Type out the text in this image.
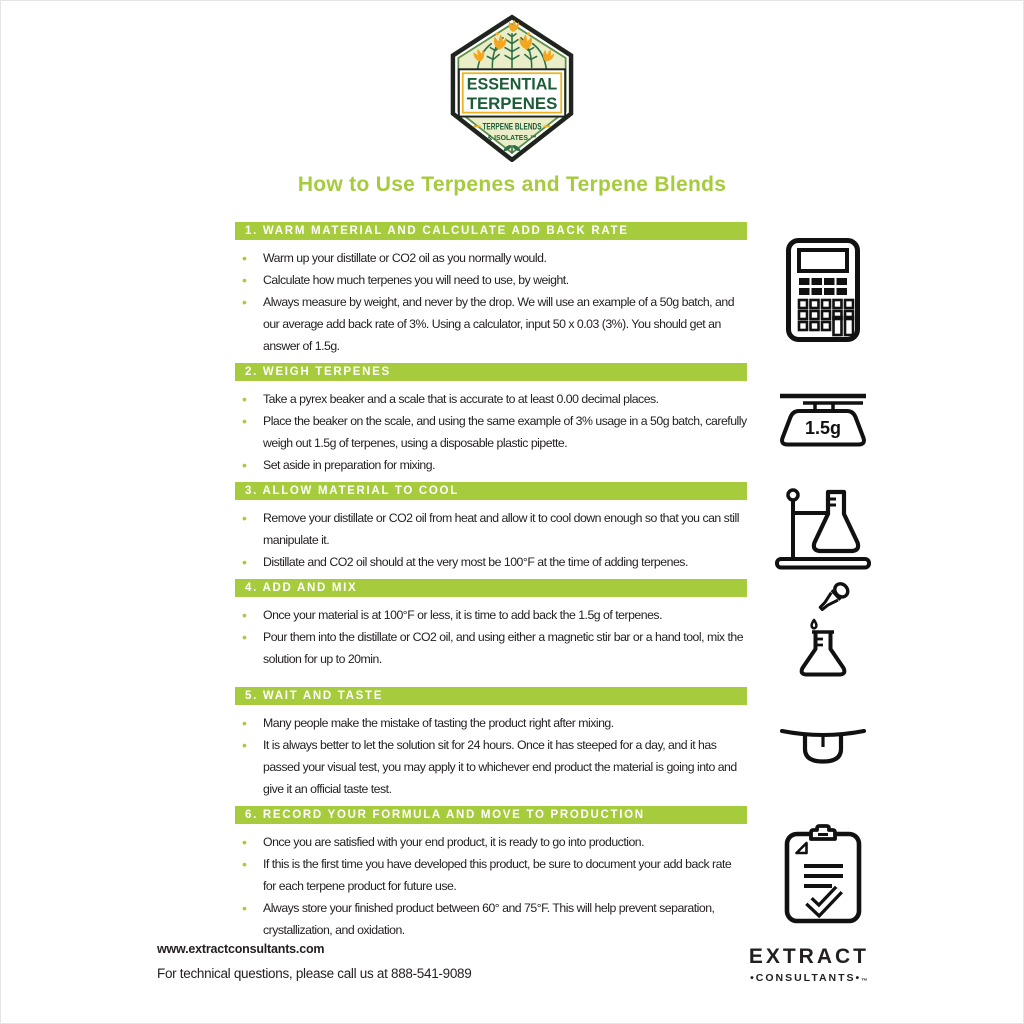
ESSENTIAL
TERPENES
TERPENE BLENDS
& ISOLATES.™
How to Use Terpenes and Terpene Blends
1. WARM MATERIAL AND CALCULATE ADD BACK RATE
•	Warm up your distillate or CO2 oil as you normally would.
•	Calculate how much terpenes you will need to use, by weight.
•	Always measure by weight, and never by the drop. We will use an example of a 50g batch, and our average add back rate of 3%. Using a calculator, input 50 x 0.03 (3%). You should get an answer of 1.5g.
2. WEIGH TERPENES
•	Take a pyrex beaker and a scale that is accurate to at least 0.00 decimal places.
•	Place the beaker on the scale, and using the same example of 3% usage in a 50g batch, carefully weigh out 1.5g of terpenes, using a disposable plastic pipette.
•	Set aside in preparation for mixing.
1.5g
3. ALLOW MATERIAL TO COOL
•	Remove your distillate or CO2 oil from heat and allow it to cool down enough so that you can still manipulate it.
•	Distillate and CO2 oil should at the very most be 100°F at the time of adding terpenes.
4. ADD AND MIX
•	Once your material is at 100°F or less, it is time to add back the 1.5g of terpenes.
•	Pour them into the distillate or CO2 oil, and using either a magnetic stir bar or a hand tool, mix the solution for up to 20min.
5. WAIT AND TASTE
•	Many people make the mistake of tasting the product right after mixing.
•	It is always better to let the solution sit for 24 hours. Once it has steeped for a day, and it has passed your visual test, you may apply it to whichever end product the material is going into and give it an official taste test.
6. RECORD YOUR FORMULA AND MOVE TO PRODUCTION
•	Once you are satisfied with your end product, it is ready to go into production.
•	If this is the first time you have developed this product, be sure to document your add back rate for each terpene product for future use.
•	Always store your finished product between 60° and 75°F. This will help prevent separation, crystallization, and oxidation.
www.extractconsultants.com
For technical questions, please call us at 888-541-9089
EXTRACT
•CONSULTANTS•™
